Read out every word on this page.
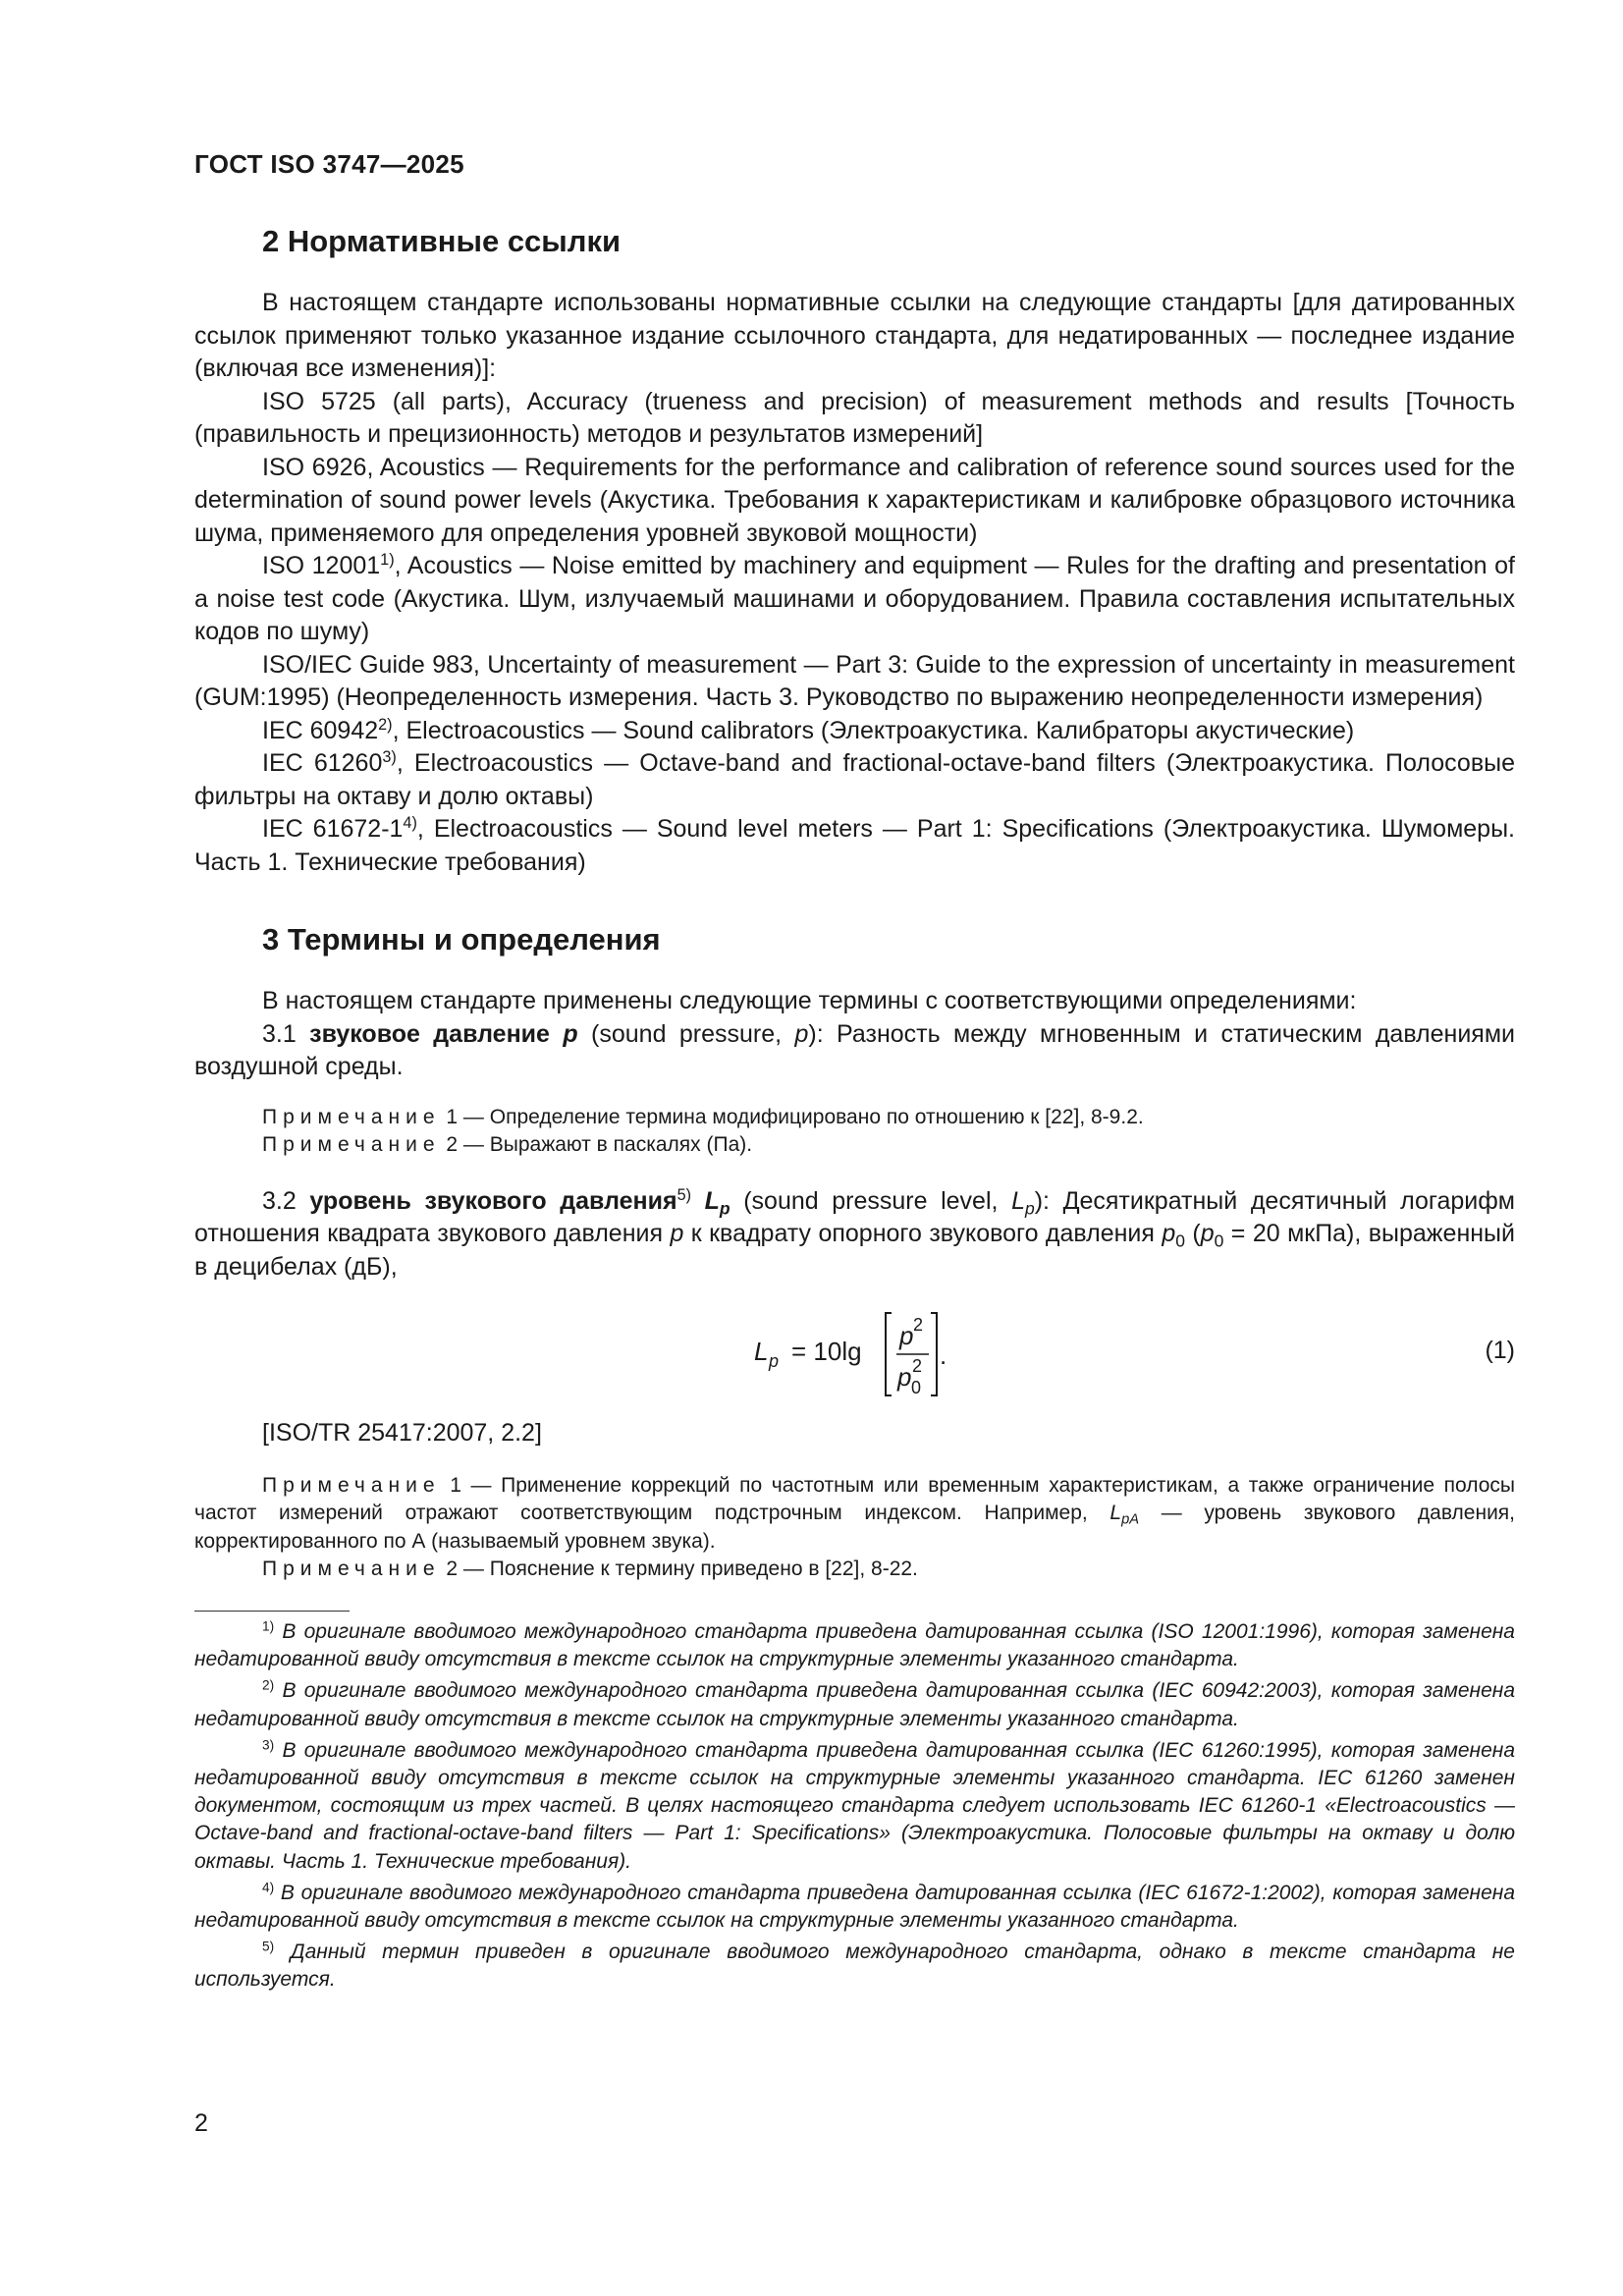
ГОСТ ISO 3747—2025
2 Нормативные ссылки

В настоящем стандарте использованы нормативные ссылки на следующие стандарты [для датированных ссылок применяют только указанное издание ссылочного стандарта, для недатированных — последнее издание (включая все изменения)]:

ISO 5725 (all parts), Accuracy (trueness and precision) of measurement methods and results [Точность (правильность и прецизионность) методов и результатов измерений]

ISO 6926, Acoustics — Requirements for the performance and calibration of reference sound sources used for the determination of sound power levels (Акустика. Требования к характеристикам и калибровке образцового источника шума, применяемого для определения уровней звуковой мощности)

ISO 12001$^{1)}$, Acoustics — Noise emitted by machinery and equipment — Rules for the drafting and presentation of a noise test code (Акустика. Шум, излучаемый машинами и оборудованием. Правила составления испытательных кодов по шуму)

ISO/IEC Guide 983, Uncertainty of measurement — Part 3: Guide to the expression of uncertainty in measurement (GUM:1995) (Неопределенность измерения. Часть 3. Руководство по выражению неопределенности измерения)

IEC 60942$^{2)}$, Electroacoustics — Sound calibrators (Электроакустика. Калибраторы акустические)

IEC 61260$^{3)}$, Electroacoustics — Octave-band and fractional-octave-band filters (Электроакустика. Полосовые фильтры на октаву и долю октавы)

IEC 61672-1$^{4)}$, Electroacoustics — Sound level meters — Part 1: Specifications (Электроакустика. Шумомеры. Часть 1. Технические требования)

3 Термины и определения

В настоящем стандарте применены следующие термины с соответствующими определениями:

3.1 звуковое давление p (sound pressure, p): Разность между мгновенным и статическим давлениями воздушной среды.

Примечание 1 — Определение термина модифицировано по отношению к [22], 8-9.2.

Примечание 2 — Выражают в паскалях (Па).

3.2 уровень звукового давления$^{5)}$ $L_p$ (sound pressure level, $L_p$): Десятикратный десятичный логарифм отношения квадрата звукового давления p к квадрату опорного звукового давления $p_0$ ($p_0 = 20$ мкПа), выраженный в децибелах (дБ),

L p = 10lg
p 2
p 0
2 .	(1)

[ISO/TR 25417:2007, 2.2]

Примечание 1 — Применение коррекций по частотным или временным характеристикам, а также ограничение полосы частот измерений отражают соответствующим подстрочным индексом. Например, $L_{pA}$ — уровень звукового давления, корректированного по А (называемый уровнем звука).

Примечание 2 — Пояснение к термину приведено в [22], 8-22.

$^{1)}$ В оригинале вводимого международного стандарта приведена датированная ссылка (ISO 12001:1996), которая заменена недатированной ввиду отсутствия в тексте ссылок на структурные элементы указанного стандарта.

$^{2)}$ В оригинале вводимого международного стандарта приведена датированная ссылка (IEC 60942:2003), которая заменена недатированной ввиду отсутствия в тексте ссылок на структурные элементы указанного стандарта.

$^{3)}$ В оригинале вводимого международного стандарта приведена датированная ссылка (IEC 61260:1995), которая заменена недатированной ввиду отсутствия в тексте ссылок на структурные элементы указанного стандарта. IEC 61260 заменен документом, состоящим из трех частей. В целях настоящего стандарта следует использовать IEC 61260-1 «Electroacoustics — Octave-band and fractional-octave-band filters — Part 1: Specifications» (Электроакустика. Полосовые фильтры на октаву и долю октавы. Часть 1. Технические требования).

$^{4)}$ В оригинале вводимого международного стандарта приведена датированная ссылка (IEC 61672-1:2002), которая заменена недатированной ввиду отсутствия в тексте ссылок на структурные элементы указанного стандарта.

$^{5)}$ Данный термин приведен в оригинале вводимого международного стандарта, однако в тексте стандарта не используется.

2
